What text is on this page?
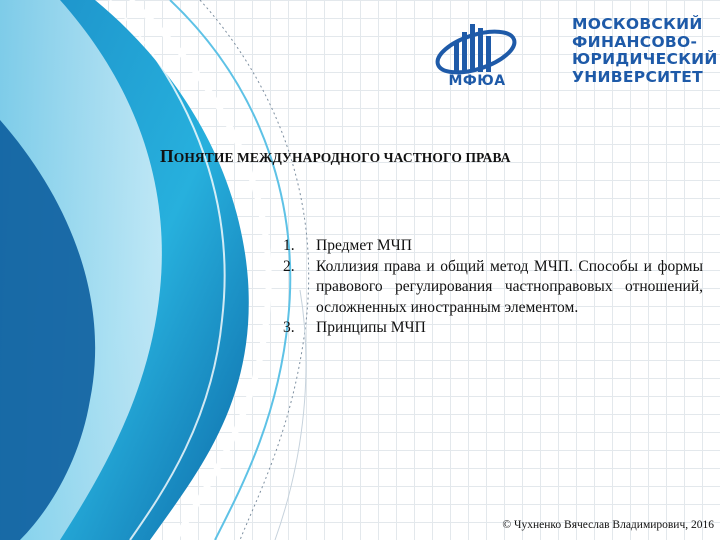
МФЮА
МОСКОВСКИЙ
ФИНАНСОВО-
ЮРИДИЧЕСКИЙ
УНИВЕРСИТЕТ
ПОНЯТИЕ МЕЖДУНАРОДНОГО ЧАСТНОГО ПРАВА
1. Предмет МЧП
2. Коллизия права и общий метод МЧП. Способы и формы правового регулирования частноправовых отношений, осложненных иностранным элементом.
3. Принципы МЧП
© Чухненко Вячеслав Владимирович, 2016
